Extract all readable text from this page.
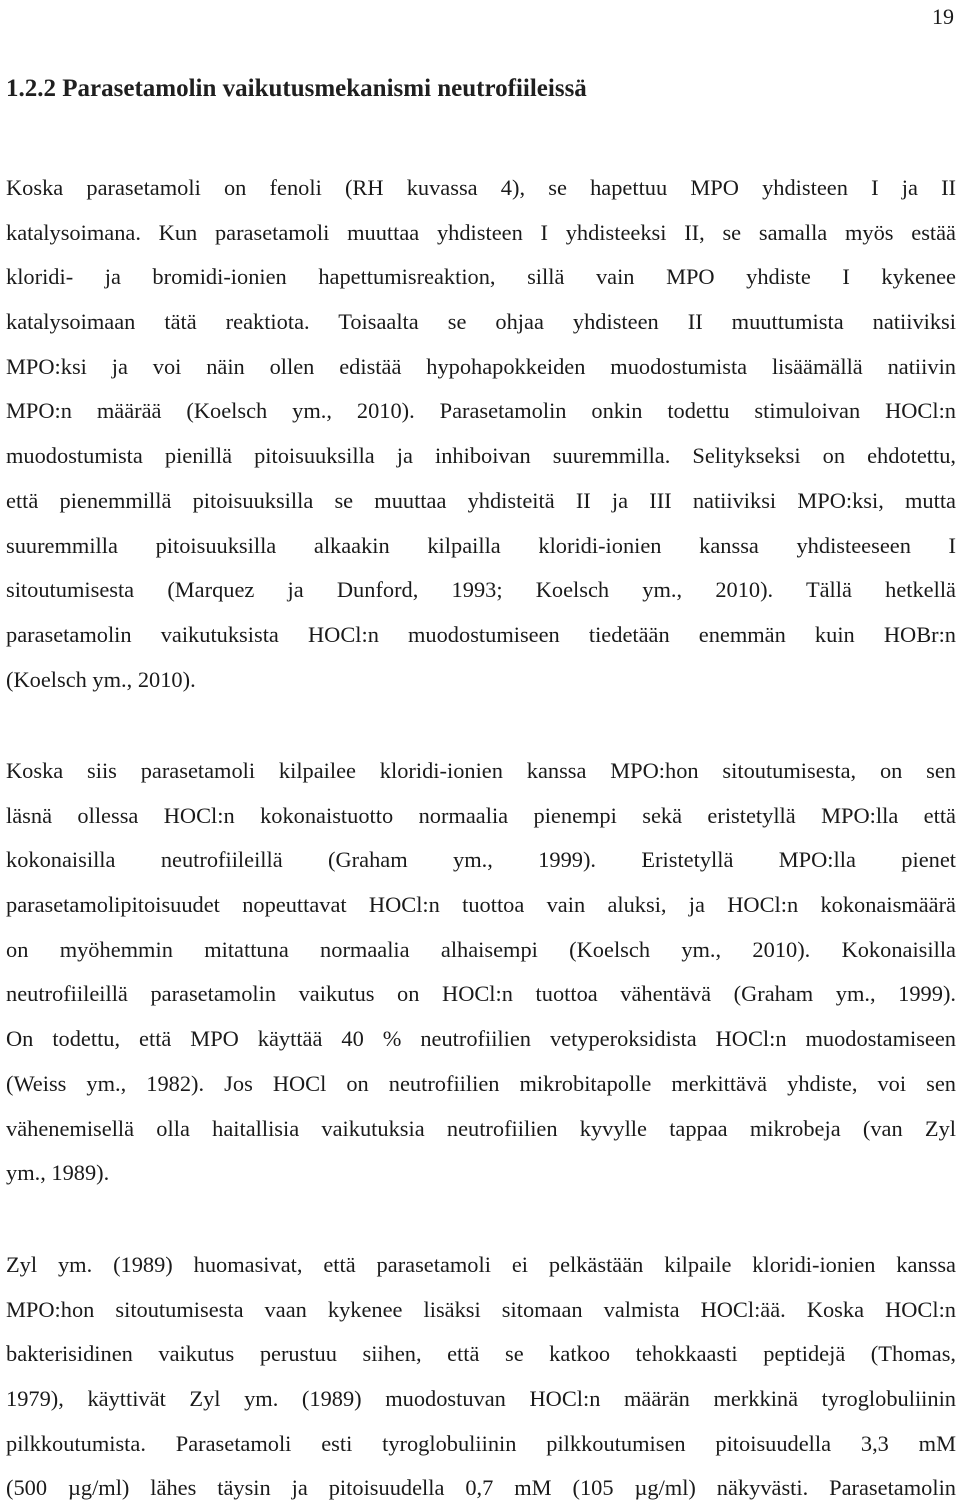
19
1.2.2 Parasetamolin vaikutusmekanismi neutrofiileissä

Koska parasetamoli on fenoli (RH kuvassa 4), se hapettuu MPO yhdisteen I ja II
katalysoimana. Kun parasetamoli muuttaa yhdisteen I yhdisteeksi II, se samalla myös estää
kloridi- ja bromidi-ionien hapettumisreaktion, sillä vain MPO yhdiste I kykenee
katalysoimaan tätä reaktiota. Toisaalta se ohjaa yhdisteen II muuttumista natiiviksi
MPO:ksi ja voi näin ollen edistää hypohapokkeiden muodostumista lisäämällä natiivin
MPO:n määrää (Koelsch ym., 2010). Parasetamolin onkin todettu stimuloivan HOCl:n
muodostumista pienillä pitoisuuksilla ja inhiboivan suuremmilla. Selitykseksi on ehdotettu,
että pienemmillä pitoisuuksilla se muuttaa yhdisteitä II ja III natiiviksi MPO:ksi, mutta
suuremmilla pitoisuuksilla alkaakin kilpailla kloridi-ionien kanssa yhdisteeseen I
sitoutumisesta (Marquez ja Dunford, 1993; Koelsch ym., 2010). Tällä hetkellä
parasetamolin vaikutuksista HOCl:n muodostumiseen tiedetään enemmän kuin HOBr:n
(Koelsch ym., 2010).

Koska siis parasetamoli kilpailee kloridi-ionien kanssa MPO:hon sitoutumisesta, on sen
läsnä ollessa HOCl:n kokonaistuotto normaalia pienempi sekä eristetyllä MPO:lla että
kokonaisilla neutrofiileillä (Graham ym., 1999). Eristetyllä MPO:lla pienet
parasetamolipitoisuudet nopeuttavat HOCl:n tuottoa vain aluksi, ja HOCl:n kokonaismäärä
on myöhemmin mitattuna normaalia alhaisempi (Koelsch ym., 2010). Kokonaisilla
neutrofiileillä parasetamolin vaikutus on HOCl:n tuottoa vähentävä (Graham ym., 1999).
On todettu, että MPO käyttää 40 % neutrofiilien vetyperoksidista HOCl:n muodostamiseen
(Weiss ym., 1982). Jos HOCl on neutrofiilien mikrobitapolle merkittävä yhdiste, voi sen
vähenemisellä olla haitallisia vaikutuksia neutrofiilien kyvylle tappaa mikrobeja (van Zyl
ym., 1989).

Zyl ym. (1989) huomasivat, että parasetamoli ei pelkästään kilpaile kloridi-ionien kanssa
MPO:hon sitoutumisesta vaan kykenee lisäksi sitomaan valmista HOCl:ää. Koska HOCl:n
bakterisidinen vaikutus perustuu siihen, että se katkoo tehokkaasti peptidejä (Thomas,
1979), käyttivät Zyl ym. (1989) muodostuvan HOCl:n määrän merkkinä tyroglobuliinin
pilkkoutumista. Parasetamoli esti tyroglobuliinin pilkkoutumisen pitoisuudella 3,3 mM
(500 µg/ml) lähes täysin ja pitoisuudella 0,7 mM (105 µg/ml) näkyvästi. Parasetamolin
